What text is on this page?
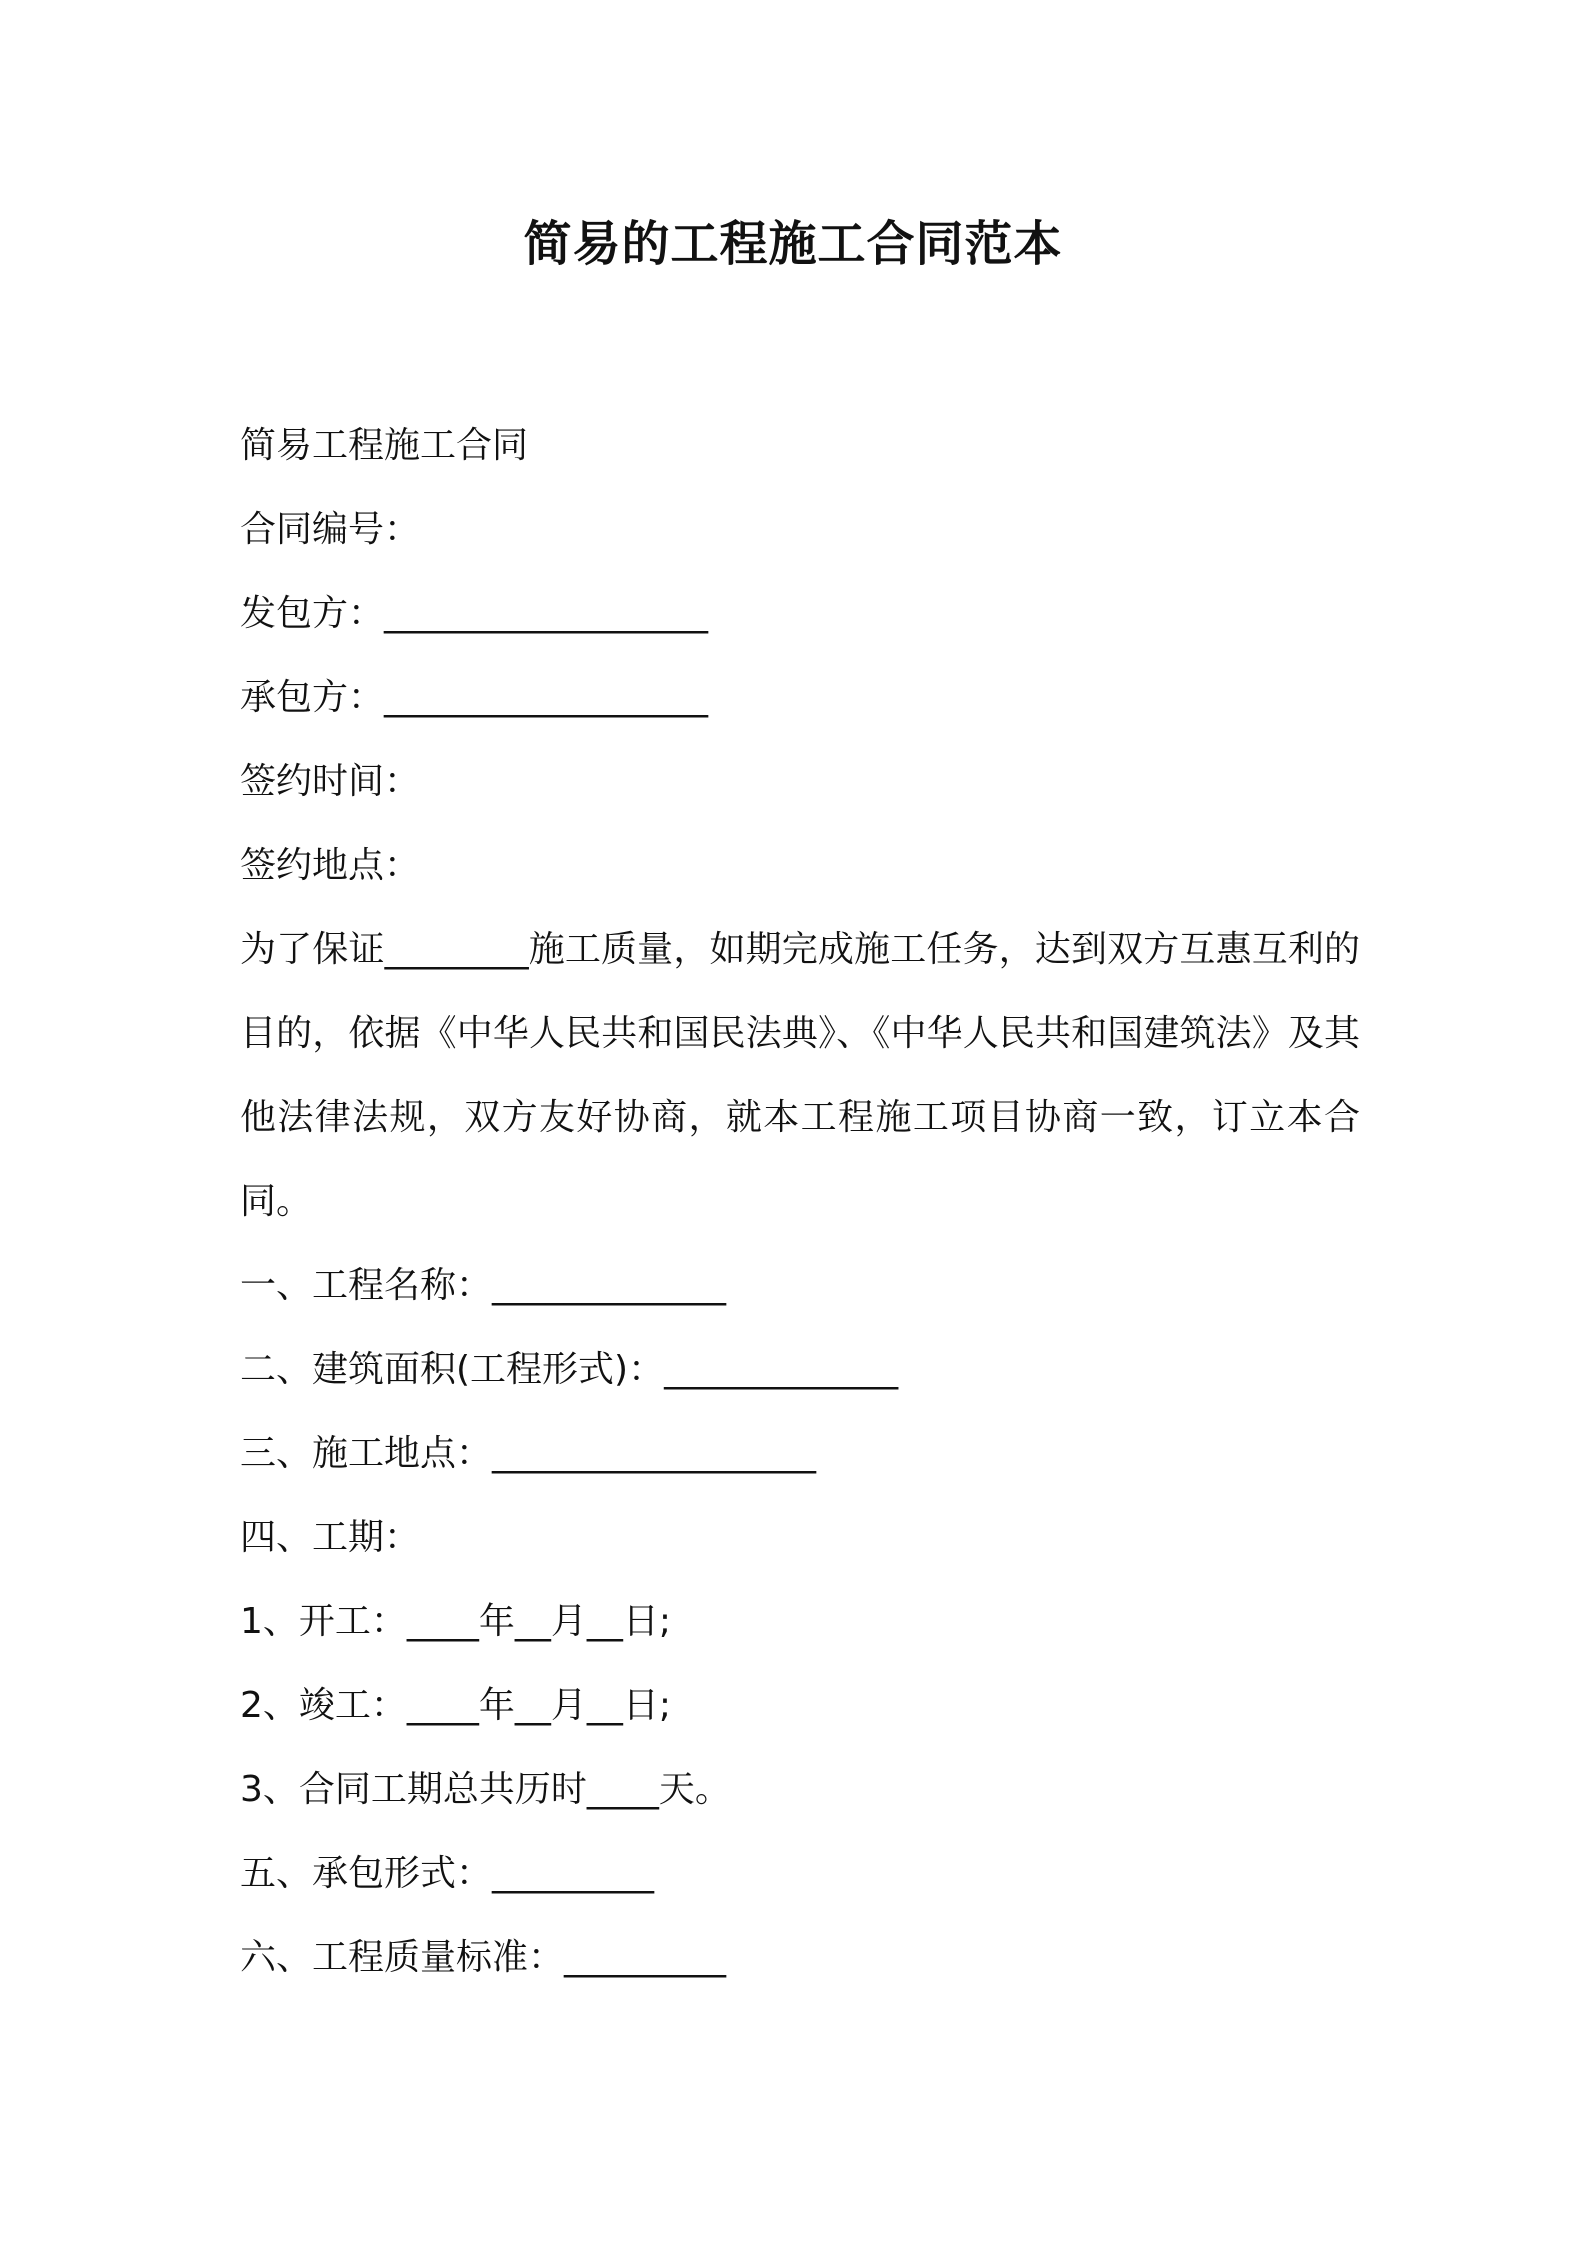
简易的工程施工合同范本
简易工程施工合同
合同编号：
发包方：__________________
承包方：__________________
签约时间：
签约地点：
为了保证________施工质量，如期完成施工任务，达到双方互惠互利的目的，依据《中华人民共和国民法典》、《中华人民共和国建筑法》及其他法律法规，双方友好协商，就本工程施工项目协商一致，订立本合同。
一、工程名称：_____________
二、建筑面积(工程形式)：_____________
三、施工地点：__________________
四、工期：
1、开工：____年__月__日;
2、竣工：____年__月__日;
3、合同工期总共历时____天。
五、承包形式：_________
六、工程质量标准：_________
